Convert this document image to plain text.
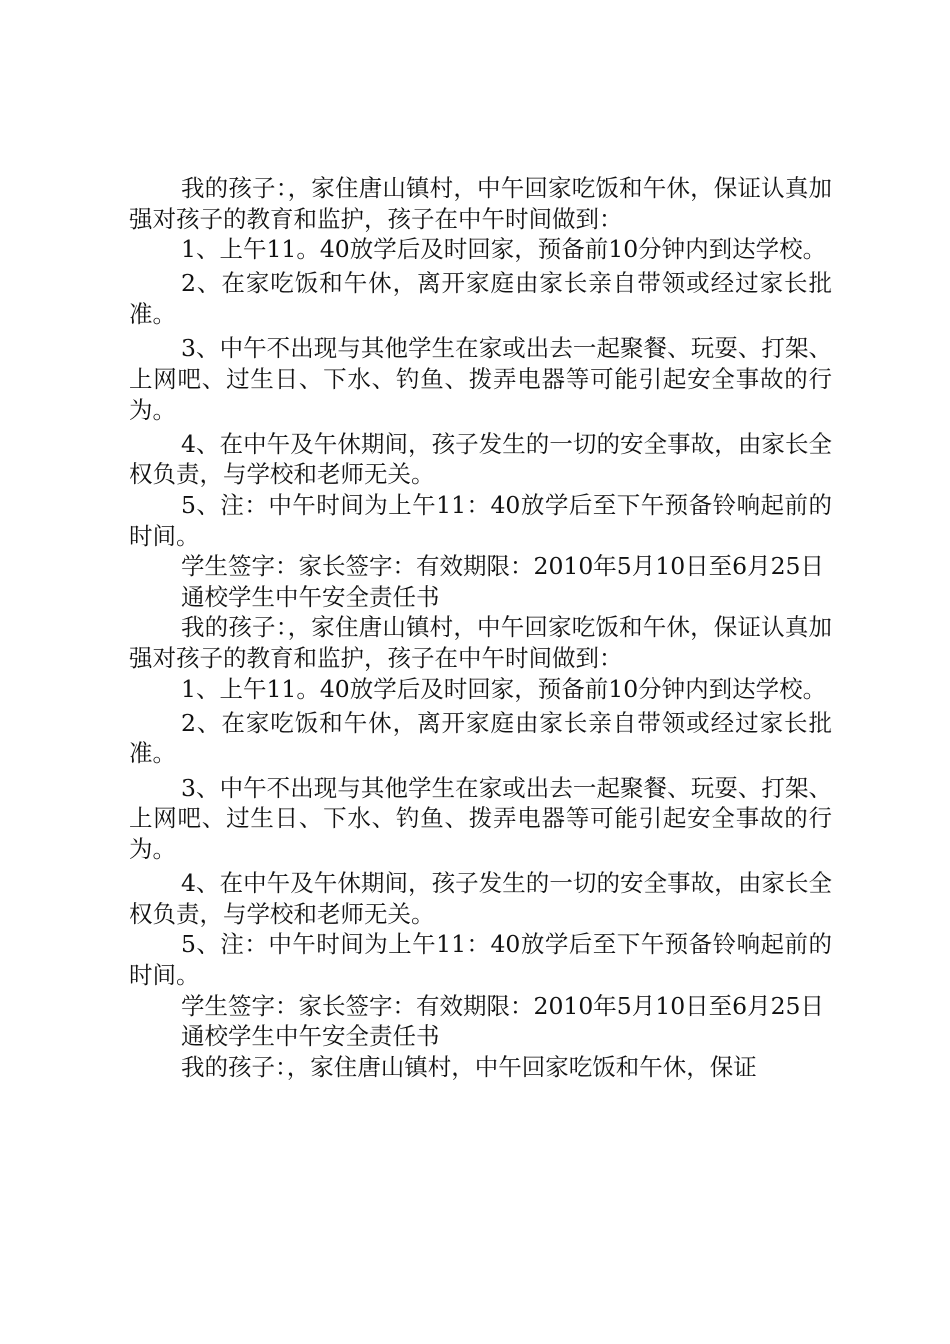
我的孩子：，家住唐山镇村，中午回家吃饭和午休，保证认真加强对孩子的教育和监护，孩子在中午时间做到：

1、上午11。40放学后及时回家，预备前10分钟内到达学校。

2、在家吃饭和午休，离开家庭由家长亲自带领或经过家长批准。

3、中午不出现与其他学生在家或出去一起聚餐、玩耍、打架、上网吧、过生日、下水、钓鱼、拨弄电器等可能引起安全事故的行为。

4、在中午及午休期间，孩子发生的一切的安全事故，由家长全权负责，与学校和老师无关。

5、注：中午时间为上午11：40放学后至下午预备铃响起前的时间。

学生签字：家长签字：有效期限：2010年5月10日至6月25日

通校学生中午安全责任书

我的孩子：，家住唐山镇村，中午回家吃饭和午休，保证认真加强对孩子的教育和监护，孩子在中午时间做到：

1、上午11。40放学后及时回家，预备前10分钟内到达学校。

2、在家吃饭和午休，离开家庭由家长亲自带领或经过家长批准。

3、中午不出现与其他学生在家或出去一起聚餐、玩耍、打架、上网吧、过生日、下水、钓鱼、拨弄电器等可能引起安全事故的行为。

4、在中午及午休期间，孩子发生的一切的安全事故，由家长全权负责，与学校和老师无关。

5、注：中午时间为上午11：40放学后至下午预备铃响起前的时间。

学生签字：家长签字：有效期限：2010年5月10日至6月25日

通校学生中午安全责任书

我的孩子：，家住唐山镇村，中午回家吃饭和午休，保证
